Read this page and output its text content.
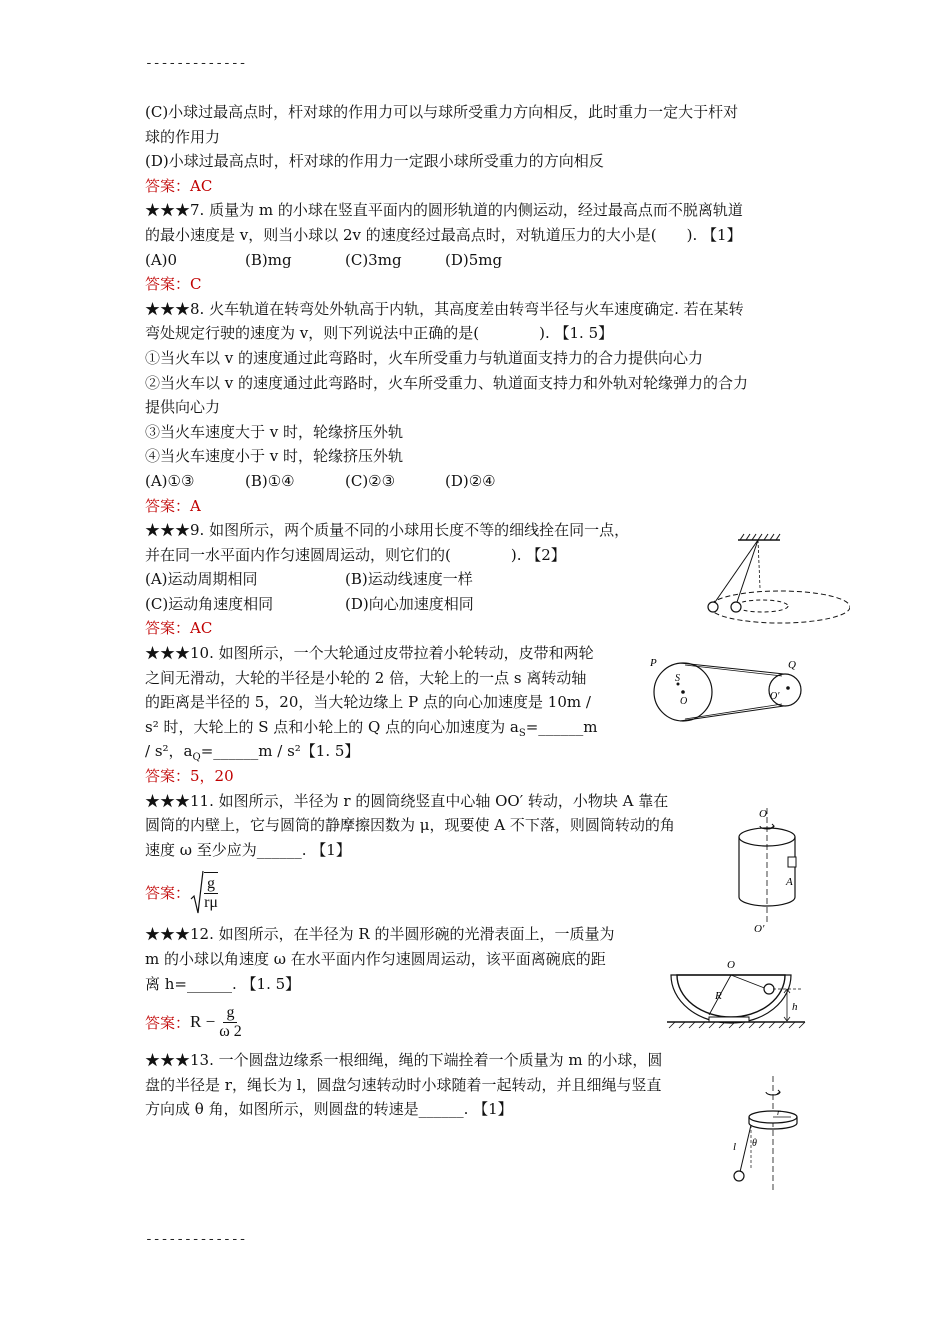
-------------
(C)小球过最高点时，杆对球的作用力可以与球所受重力方向相反，此时重力一定大于杆对
球的作用力
(D)小球过最高点时，杆对球的作用力一定跟小球所受重力的方向相反
答案：AC
★★★7. 质量为 m 的小球在竖直平面内的圆形轨道的内侧运动，经过最高点而不脱离轨道
的最小速度是 v，则当小球以 2v 的速度经过最高点时，对轨道压力的大小是(　　). 【1】
(A)0	(B)mg	(C)3mg	(D)5mg
答案：C
★★★8. 火车轨道在转弯处外轨高于内轨，其高度差由转弯半径与火车速度确定. 若在某转
弯处规定行驶的速度为 v，则下列说法中正确的是(　　　　). 【1. 5】
①当火车以 v 的速度通过此弯路时，火车所受重力与轨道面支持力的合力提供向心力
②当火车以 v 的速度通过此弯路时，火车所受重力、轨道面支持力和外轨对轮缘弹力的合力
提供向心力
③当火车速度大于 v 时，轮缘挤压外轨
④当火车速度小于 v 时，轮缘挤压外轨
(A)①③	(B)①④	(C)②③	(D)②④
答案：A
★★★9. 如图所示，两个质量不同的小球用长度不等的细线拴在同一点，
并在同一水平面内作匀速圆周运动，则它们的(　　　　). 【2】
(A)运动周期相同	(B)运动线速度一样
(C)运动角速度相同	(D)向心加速度相同
答案：AC
★★★10. 如图所示，一个大轮通过皮带拉着小轮转动，皮带和两轮
之间无滑动，大轮的半径是小轮的 2 倍，大轮上的一点 s 离转动轴
的距离是半径的 5，20，当大轮边缘上 P 点的向心加速度是 10m /
s² 时，大轮上的 S 点和小轮上的 Q 点的向心加速度为 $a_S=\_\_\_\_\_\_m$
/ s²，$a_Q=\_\_\_\_\_\_m / s^2$【1. 5】
答案：5，20
★★★11. 如图所示，半径为 r 的圆筒绕竖直中心轴 OO′ 转动，小物块 A 靠在
圆筒的内壁上，它与圆筒的静摩擦因数为 μ，现要使 A 不下落，则圆筒转动的角
速度 ω 至少应为______. 【1】
答案： $\frac{g}{r\mu}$
★★★12. 如图所示，在半径为 R 的半圆形碗的光滑表面上，一质量为
m 的小球以角速度 ω 在水平面内作匀速圆周运动，该平面离碗底的距
离 h=______. 【1. 5】
答案： $R - \frac{g}{\omega 2}$
★★★13. 一个圆盘边缘系一根细绳，绳的下端拴着一个质量为 m 的小球，圆
盘的半径是 r，绳长为 l，圆盘匀速转动时小球随着一起转动，并且细绳与竖直
方向成 θ 角，如图所示，则圆盘的转速是______. 【1】
P
S
O
Q
O′
O
A
O′
O
R
h
r
l θ
-------------
